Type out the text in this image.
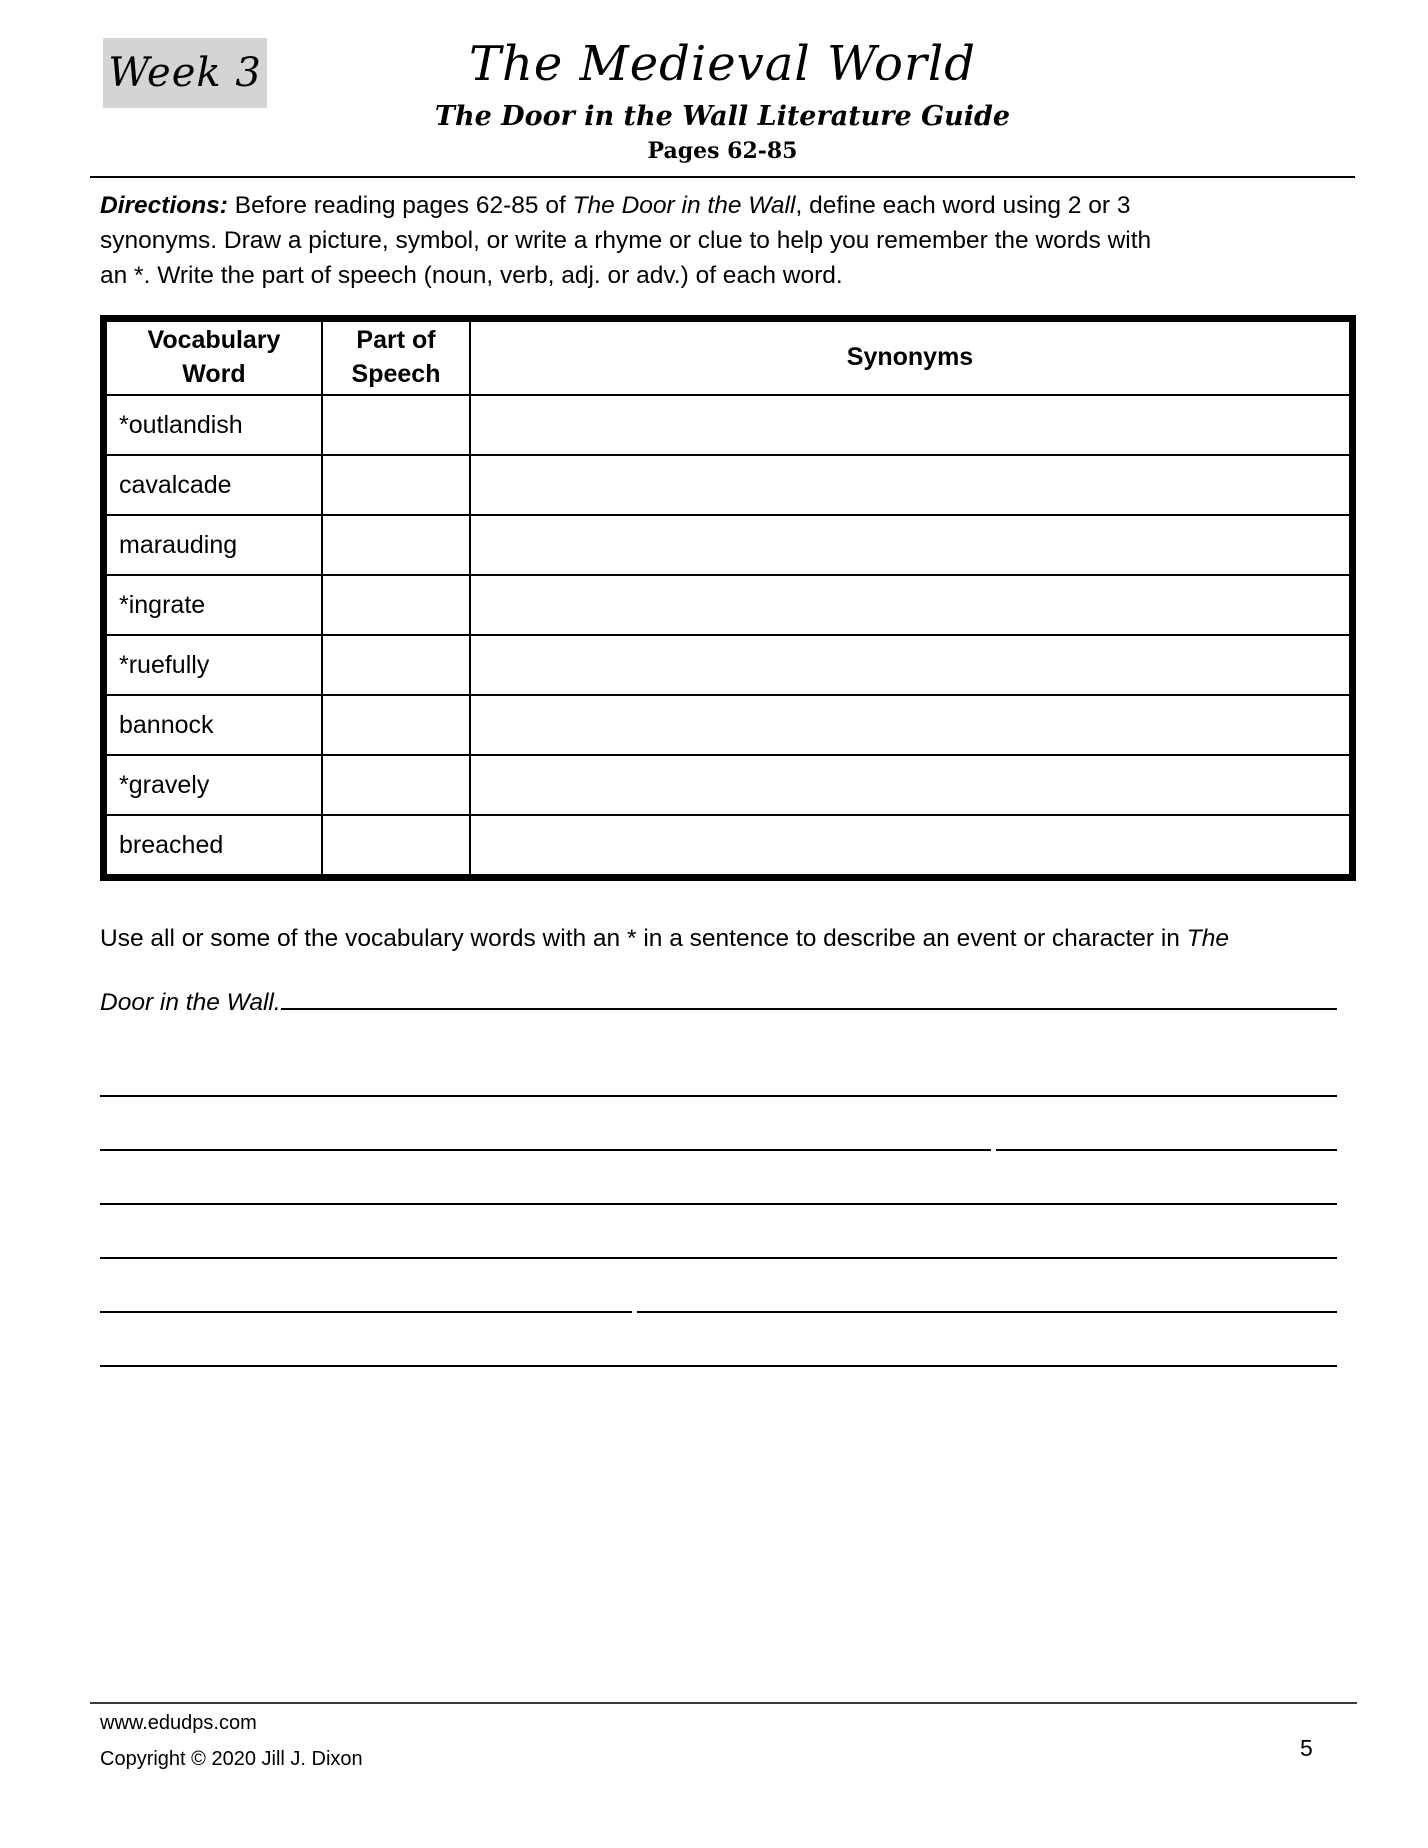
The Medieval World
The Door in the Wall Literature Guide
Pages 62-85
Week 3
Directions: Before reading pages 62-85 of The Door in the Wall, define each word using 2 or 3 synonyms. Draw a picture, symbol, or write a rhyme or clue to help you remember the words with an *. Write the part of speech (noun, verb, adj. or adv.) of each word.
Vocabulary Word	Part of Speech	Synonyms
*outlandish		
cavalcade		
marauding		
*ingrate		
*ruefully		
bannock		
*gravely		
breached		
Use all or some of the vocabulary words with an * in a sentence to describe an event or character in The
Door in the Wall.
www.edudps.com
Copyright © 2020 Jill J. Dixon	5
